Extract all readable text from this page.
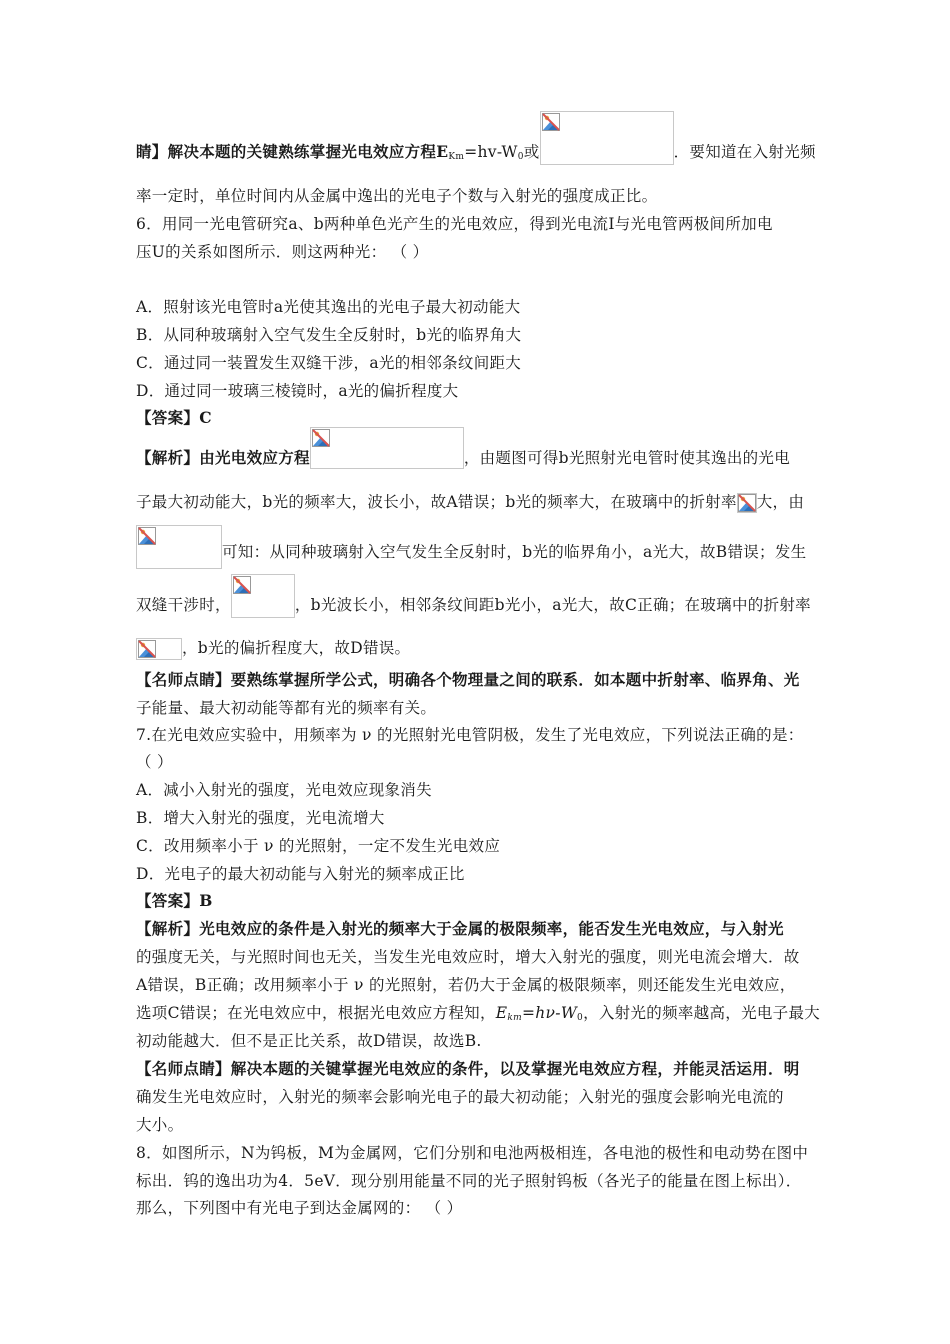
睛】解决本题的关键熟练掌握光电效应方程$E_{Km}=hv-W_0$或	．要知道在入射光频
率一定时，单位时间内从金属中逸出的光电子个数与入射光的强度成正比。
6．用同一光电管研究a、b两种单色光产生的光电效应，得到光电流I与光电管两极间所加电
压U的关系如图所示．则这两种光： （ ）
A．照射该光电管时a光使其逸出的光电子最大初动能大
B．从同种玻璃射入空气发生全反射时，b光的临界角大
C．通过同一装置发生双缝干涉，a光的相邻条纹间距大
D．通过同一玻璃三棱镜时，a光的偏折程度大
【答案】C
【解析】由光电效应方程	，由题图可得b光照射光电管时使其逸出的光电
子最大初动能大，b光的频率大，波长小，故A错误；b光的频率大，在玻璃中的折射率 大，由
可知：从同种玻璃射入空气发生全反射时，b光的临界角小，a光大，故B错误；发生
双缝干涉时，	，b光波长小，相邻条纹间距b光小，a光大，故C正确；在玻璃中的折射率
，b光的偏折程度大，故D错误。
【名师点睛】要熟练掌握所学公式，明确各个物理量之间的联系．如本题中折射率、临界角、光
子能量、最大初动能等都有光的频率有关。
7.在光电效应实验中，用频率为 ν 的光照射光电管阴极，发生了光电效应，下列说法正确的是：
（ ）
A．减小入射光的强度，光电效应现象消失
B．增大入射光的强度，光电流增大
C．改用频率小于 ν 的光照射，一定不发生光电效应
D．光电子的最大初动能与入射光的频率成正比
【答案】B
【解析】光电效应的条件是入射光的频率大于金属的极限频率，能否发生光电效应，与入射光
的强度无关，与光照时间也无关，当发生光电效应时，增大入射光的强度，则光电流会增大．故
A错误，B正确；改用频率小于 ν 的光照射，若仍大于金属的极限频率，则还能发生光电效应，
选项C错误；在光电效应中，根据光电效应方程知，$E_{km}=h\nu-W_0$，入射光的频率越高，光电子最大
初动能越大．但不是正比关系，故D错误，故选B.
【名师点睛】解决本题的关键掌握光电效应的条件，以及掌握光电效应方程，并能灵活运用．明
确发生光电效应时，入射光的频率会影响光电子的最大初动能；入射光的强度会影响光电流的
大小。
8．如图所示，N为钨板，M为金属网，它们分别和电池两极相连，各电池的极性和电动势在图中
标出．钨的逸出功为4．5eV．现分别用能量不同的光子照射钨板（各光子的能量在图上标出）．
那么，下列图中有光电子到达金属网的： （ ）
